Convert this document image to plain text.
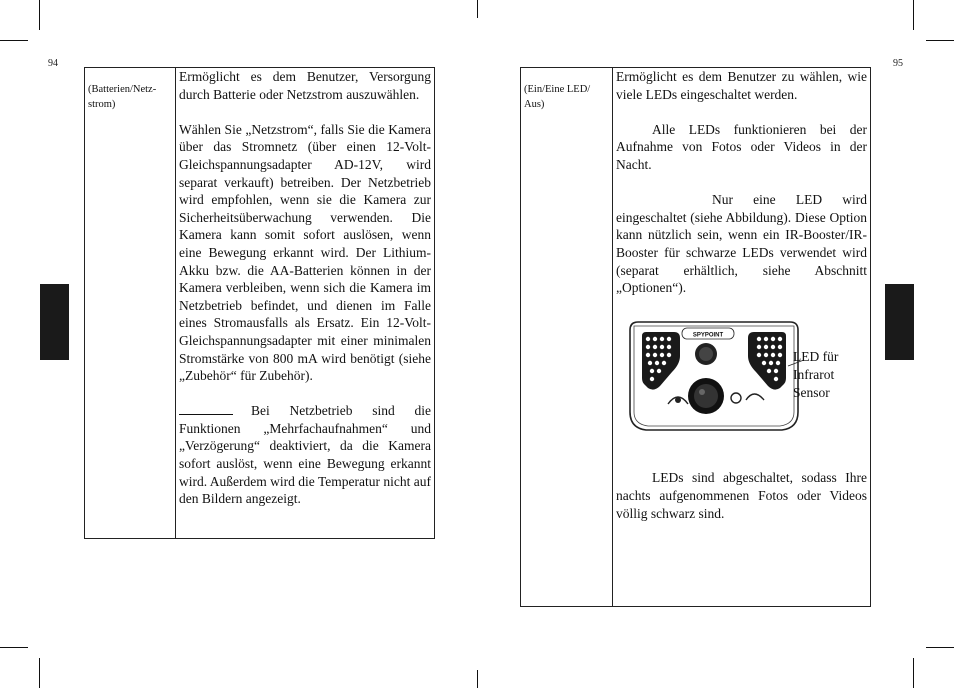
94	95
(Batterien/Netz-strom)

Ermöglicht es dem Benutzer, Versorgung durch Batterie oder Netzstrom auszuwählen.

Wählen Sie „Netzstrom“, falls Sie die Kamera über das Stromnetz (über einen 12-Volt-Gleichspannungsadapter AD-12V, wird separat verkauft) betreiben. Der Netzbetrieb wird empfohlen, wenn sie die Kamera zur Sicherheitsüberwachung verwenden. Die Kamera kann somit sofort auslösen, wenn eine Bewegung erkannt wird. Der Lithium-Akku bzw. die AA-Batterien können in der Kamera verbleiben, wenn sich die Kamera im Netzbetrieb befindet, und dienen im Falle eines Stromausfalls als Ersatz. Ein 12-Volt-Gleichspannungsadapter mit einer minimalen Stromstärke von 800 mA wird benötigt (siehe „Zubehör“ für Zubehör).

Bei Netzbetrieb sind die Funktionen „Mehrfachaufnahmen“ und „Verzögerung“ deaktiviert, da die Kamera sofort auslöst, wenn eine Bewegung erkannt wird. Außerdem wird die Temperatur nicht auf den Bildern angezeigt.

(Ein/Eine LED/ Aus)

Ermöglicht es dem Benutzer zu wählen, wie viele LEDs eingeschaltet werden.

Alle LEDs funktionieren bei der Aufnahme von Fotos oder Videos in der Nacht.

Nur eine LED wird eingeschaltet (siehe Abbildung). Diese Option kann nützlich sein, wenn ein IR-Booster/IR-Booster für schwarze LEDs verwendet wird (separat erhältlich, siehe Abschnitt „Optionen“).

SPYPOINT
LED für
Infrarot
Sensor

LEDs sind abgeschaltet, sodass Ihre nachts aufgenommenen Fotos oder Videos völlig schwarz sind.
